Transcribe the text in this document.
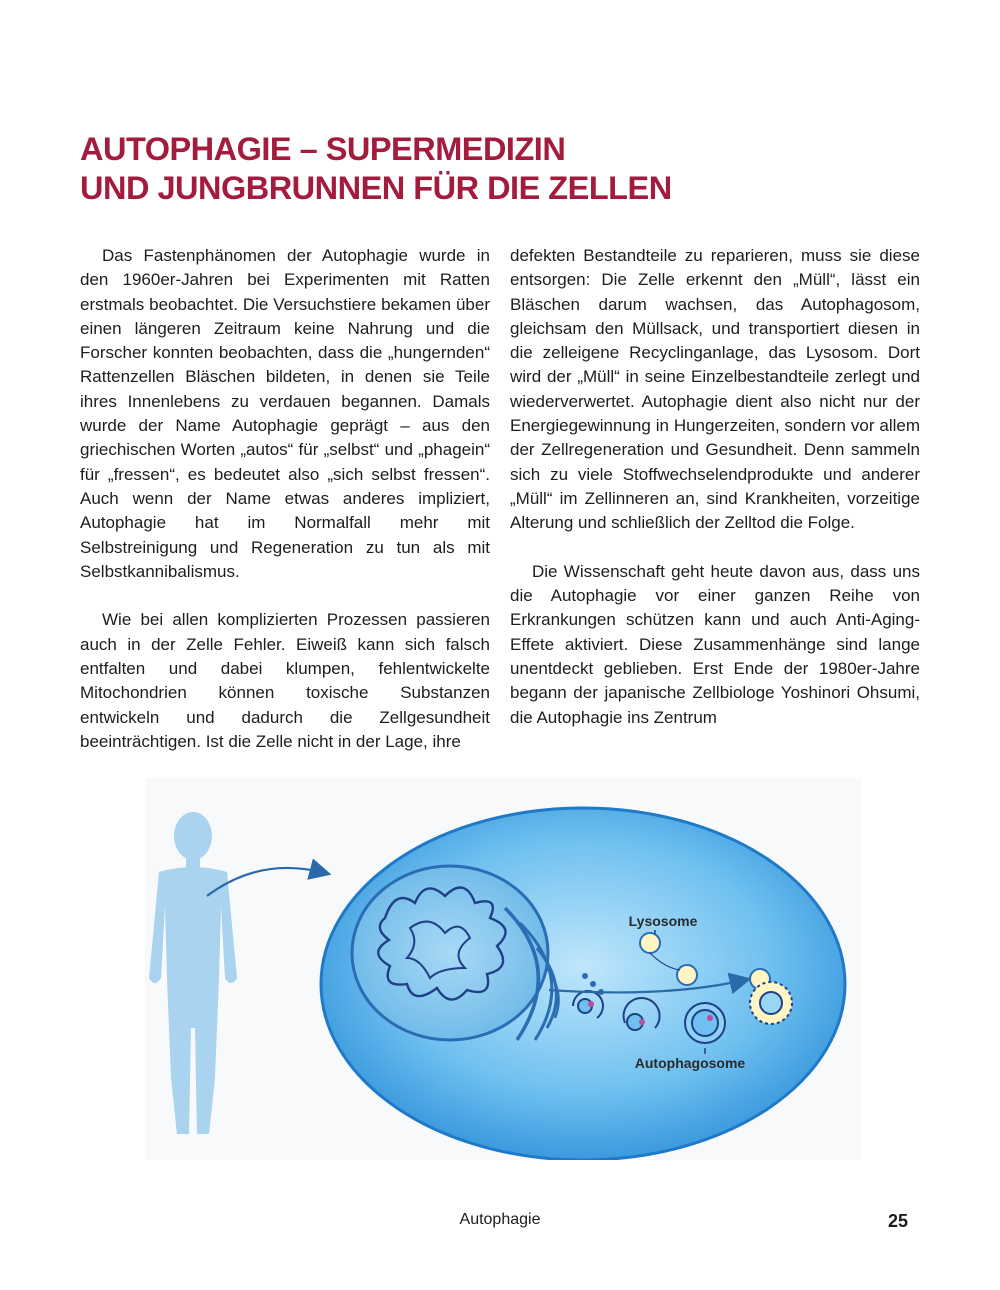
AUTOPHAGIE – SUPERMEDIZIN
UND JUNGBRUNNEN FÜR DIE ZELLEN

Das Fastenphänomen der Autophagie wurde in den 1960er-Jahren bei Experimenten mit Ratten erstmals beobachtet. Die Versuchstiere bekamen über einen längeren Zeitraum keine Nahrung und die Forscher konnten beobachten, dass die „hungernden“ Rattenzellen Bläschen bildeten, in denen sie Teile ihres Innenlebens zu verdauen begannen. Damals wurde der Name Autophagie geprägt – aus den griechischen Worten „autos“ für „selbst“ und „phagein“ für „fressen“, es bedeutet also „sich selbst fressen“. Auch wenn der Name etwas anderes impliziert, Autophagie hat im Normalfall mehr mit Selbstreinigung und Regeneration zu tun als mit Selbstkannibalismus.

Wie bei allen komplizierten Prozessen passieren auch in der Zelle Fehler. Eiweiß kann sich falsch entfalten und dabei klumpen, fehlentwickelte Mitochondrien können toxische Substanzen entwickeln und dadurch die Zellgesundheit beeinträchtigen. Ist die Zelle nicht in der Lage, ihre

defekten Bestandteile zu reparieren, muss sie diese entsorgen: Die Zelle erkennt den „Müll“, lässt ein Bläschen darum wachsen, das Autophagosom, gleichsam den Müllsack, und transportiert diesen in die zelleigene Recyclinganlage, das Lysosom. Dort wird der „Müll“ in seine Einzelbestandteile zerlegt und wiederverwertet. Autophagie dient also nicht nur der Energiegewinnung in Hungerzeiten, sondern vor allem der Zellregeneration und Gesundheit. Denn sammeln sich zu viele Stoffwechselendprodukte und anderer „Müll“ im Zellinneren an, sind Krankheiten, vorzeitige Alterung und schließlich der Zelltod die Folge.

Die Wissenschaft geht heute davon aus, dass uns die Autophagie vor einer ganzen Reihe von Erkrankungen schützen kann und auch Anti-Aging-Effete aktiviert. Diese Zusammenhänge sind lange unentdeckt geblieben. Erst Ende der 1980er-Jahre begann der japanische Zellbiologe Yoshinori Ohsumi, die Autophagie ins Zentrum

Lysosome
Autophagosome
Autophagie	25
